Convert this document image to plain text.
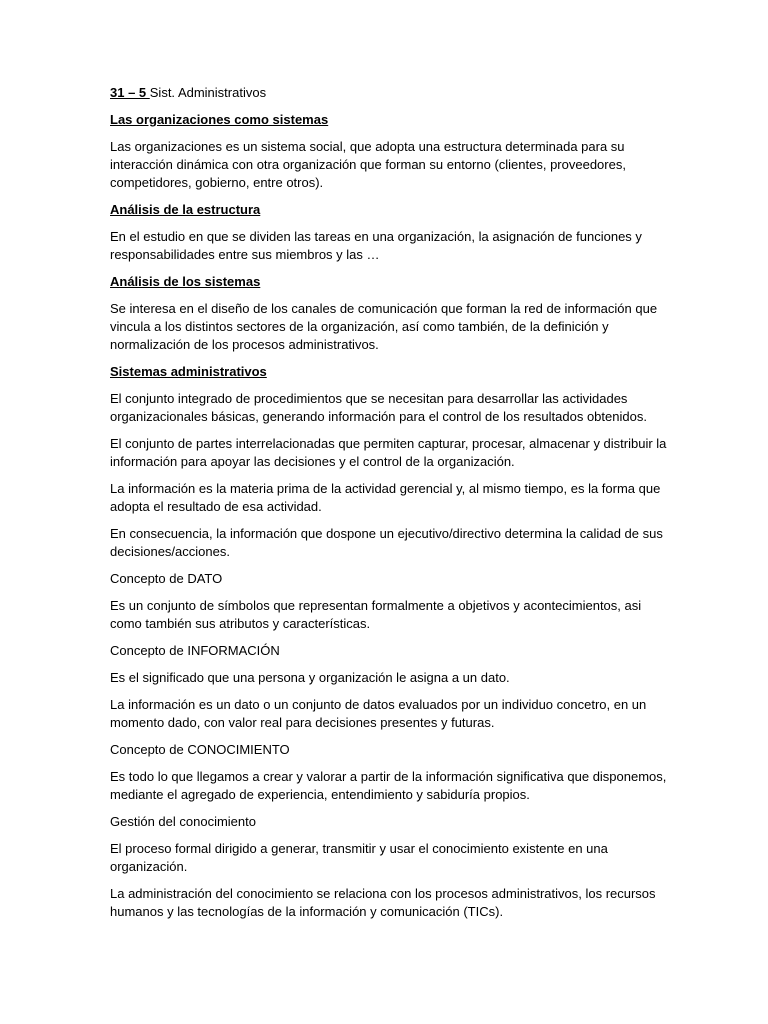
31 – 5 Sist. Administrativos

Las organizaciones como sistemas

Las organizaciones es un sistema social, que adopta una estructura determinada para su interacción dinámica con otra organización que forman su entorno (clientes, proveedores, competidores, gobierno, entre otros).

Análisis de la estructura

En el estudio en que se dividen las tareas en una organización, la asignación de funciones y responsabilidades entre sus miembros y las …

Análisis de los sistemas

Se interesa en el diseño de los canales de comunicación que forman la red de información que vincula a los distintos sectores de la organización, así como también, de la definición y normalización de los procesos administrativos.

Sistemas administrativos

El conjunto integrado de procedimientos que se necesitan para desarrollar las actividades organizacionales básicas, generando información para el control de los resultados obtenidos.

El conjunto de partes interrelacionadas que permiten capturar, procesar, almacenar y distribuir la información para apoyar las decisiones y el control de la organización.

La información es la materia prima de la actividad gerencial y, al mismo tiempo, es la forma que adopta el resultado de esa actividad.

En consecuencia, la información que dospone un ejecutivo/directivo determina la calidad de sus decisiones/acciones.

Concepto de DATO

Es un conjunto de símbolos que representan formalmente a objetivos y acontecimientos, asi como también sus atributos y características.

Concepto de INFORMACIÓN

Es el significado que una persona y organización le asigna a un dato.

La información es un dato o un conjunto de datos evaluados por un individuo concetro, en un momento dado, con valor real para decisiones presentes y futuras.

Concepto de CONOCIMIENTO

Es todo lo que llegamos a crear y valorar a partir de la información significativa que disponemos, mediante el agregado de experiencia, entendimiento y sabiduría propios.

Gestión del conocimiento

El proceso formal dirigido a generar, transmitir y usar el conocimiento existente en una organización.

La administración del conocimiento se relaciona con los procesos administrativos, los recursos humanos y las tecnologías de la información y comunicación (TICs).
